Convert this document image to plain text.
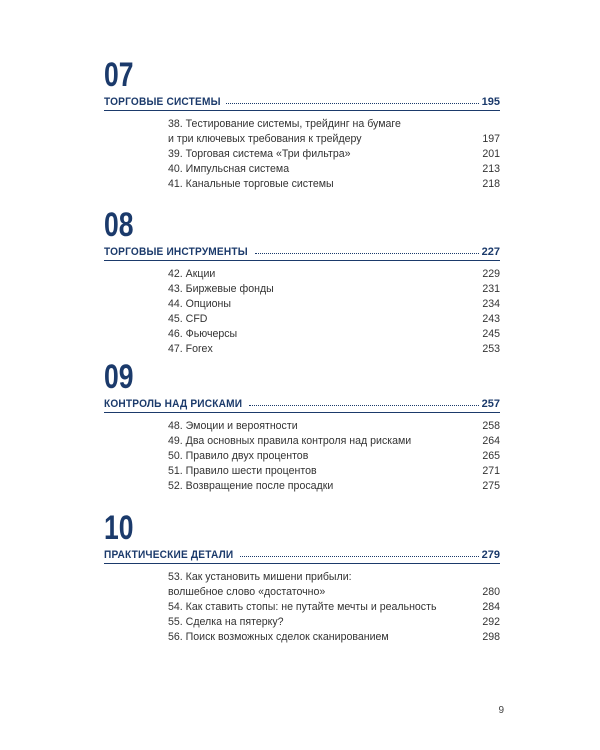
07
ТОРГОВЫЕ СИСТЕМЫ	195
38. Тестирование системы, трейдинг на бумаге
и три ключевых требования к трейдеру	197
39. Торговая система «Три фильтра»	201
40. Импульсная система	213
41. Канальные торговые системы	218
08
ТОРГОВЫЕ ИНСТРУМЕНТЫ	227
42. Акции	229
43. Биржевые фонды	231
44. Опционы	234
45. CFD	243
46. Фьючерсы	245
47. Forex	253
09
КОНТРОЛЬ НАД РИСКАМИ	257
48. Эмоции и вероятности	258
49. Два основных правила контроля над рисками	264
50. Правило двух процентов	265
51. Правило шести процентов	271
52. Возвращение после просадки	275
10
ПРАКТИЧЕСКИЕ ДЕТАЛИ	279
53. Как установить мишени прибыли:
волшебное слово «достаточно»	280
54. Как ставить стопы: не путайте мечты и реальность	284
55. Сделка на пятерку?	292
56. Поиск возможных сделок сканированием	298
9
